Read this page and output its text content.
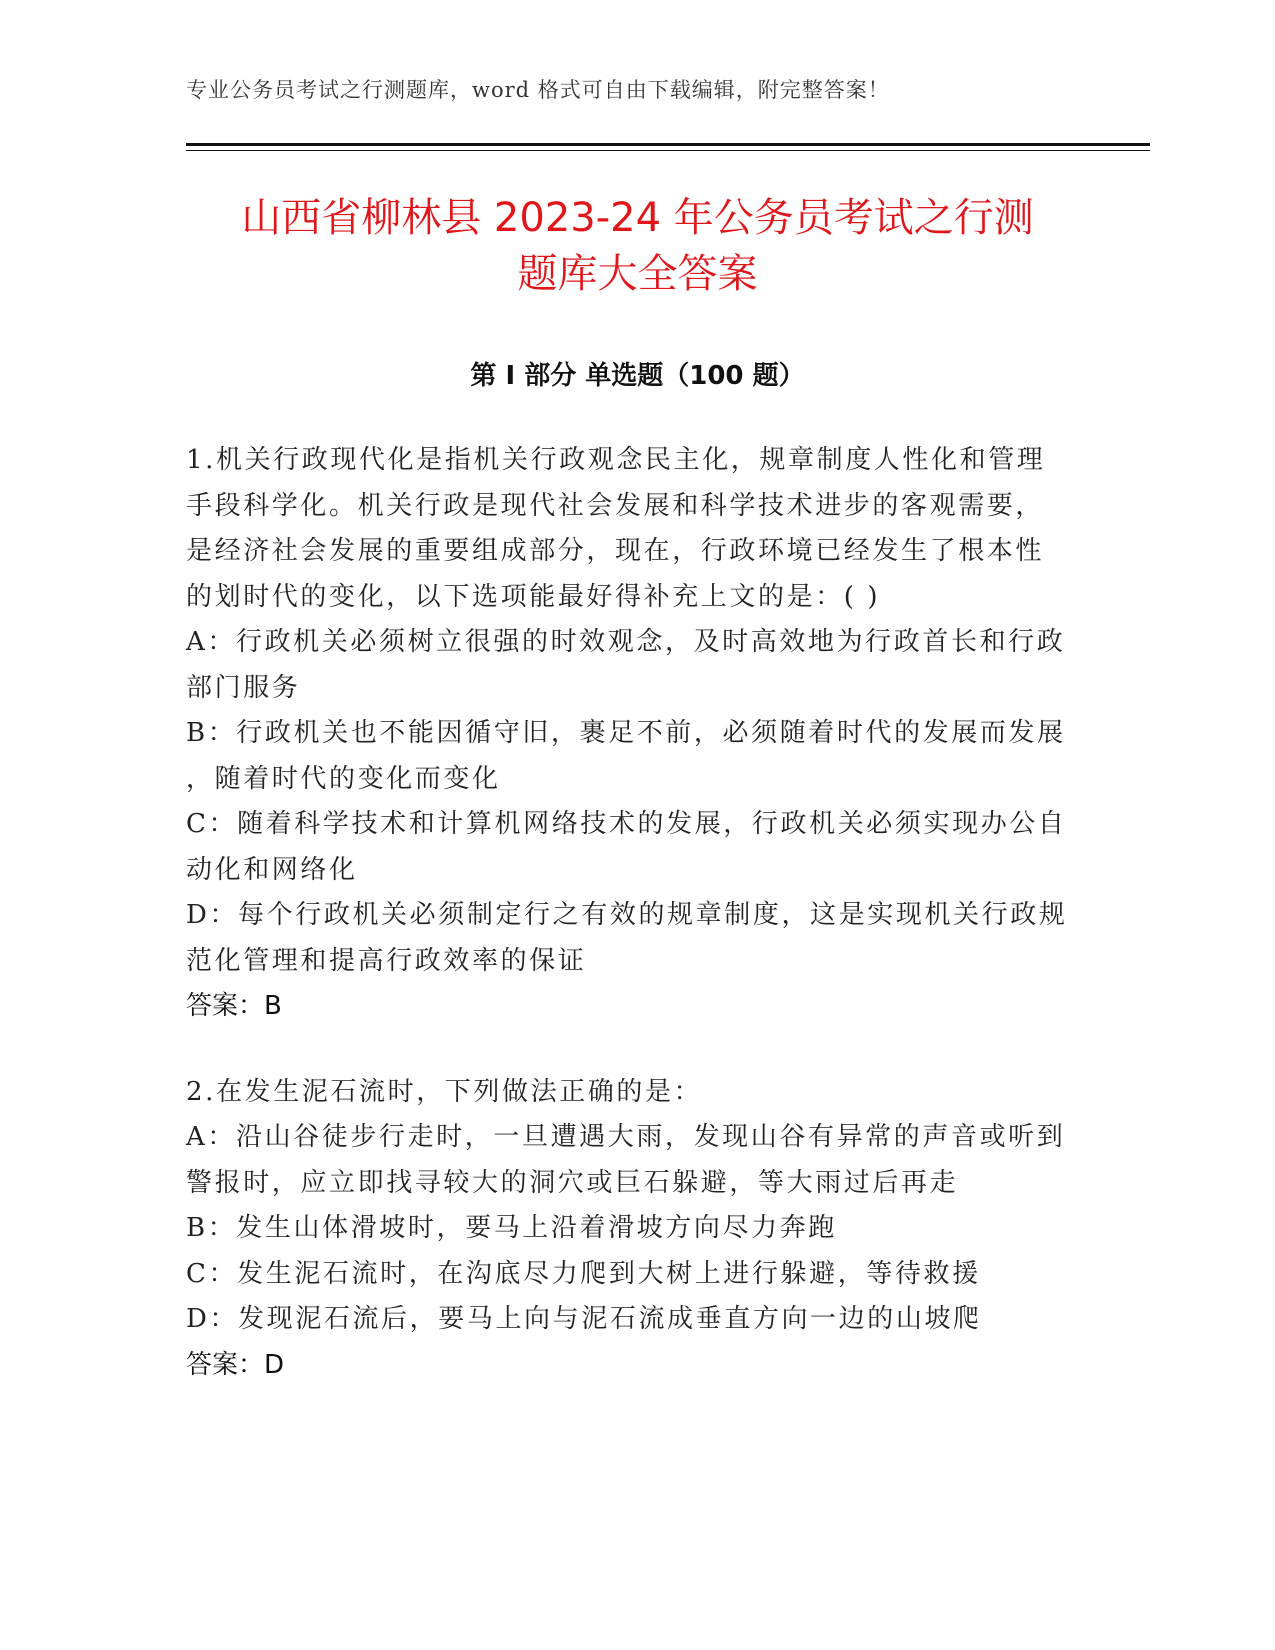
专业公务员考试之行测题库，word 格式可自由下载编辑，附完整答案！
山西省柳林县 2023-24 年公务员考试之行测
题库大全答案
第 I 部分 单选题（100 题）

1.机关行政现代化是指机关行政观念民主化，规章制度人性化和管理

手段科学化。机关行政是现代社会发展和科学技术进步的客观需要，

是经济社会发展的重要组成部分，现在，行政环境已经发生了根本性

的划时代的变化，以下选项能最好得补充上文的是：( )

A：行政机关必须树立很强的时效观念，及时高效地为行政首长和行政

部门服务

B：行政机关也不能因循守旧，裹足不前，必须随着时代的发展而发展

，随着时代的变化而变化

C：随着科学技术和计算机网络技术的发展，行政机关必须实现办公自

动化和网络化

D：每个行政机关必须制定行之有效的规章制度，这是实现机关行政规

范化管理和提高行政效率的保证

答案：B

2.在发生泥石流时，下列做法正确的是：

A：沿山谷徒步行走时，一旦遭遇大雨，发现山谷有异常的声音或听到

警报时，应立即找寻较大的洞穴或巨石躲避，等大雨过后再走

B：发生山体滑坡时，要马上沿着滑坡方向尽力奔跑

C：发生泥石流时，在沟底尽力爬到大树上进行躲避，等待救援

D：发现泥石流后，要马上向与泥石流成垂直方向一边的山坡爬

答案：D
